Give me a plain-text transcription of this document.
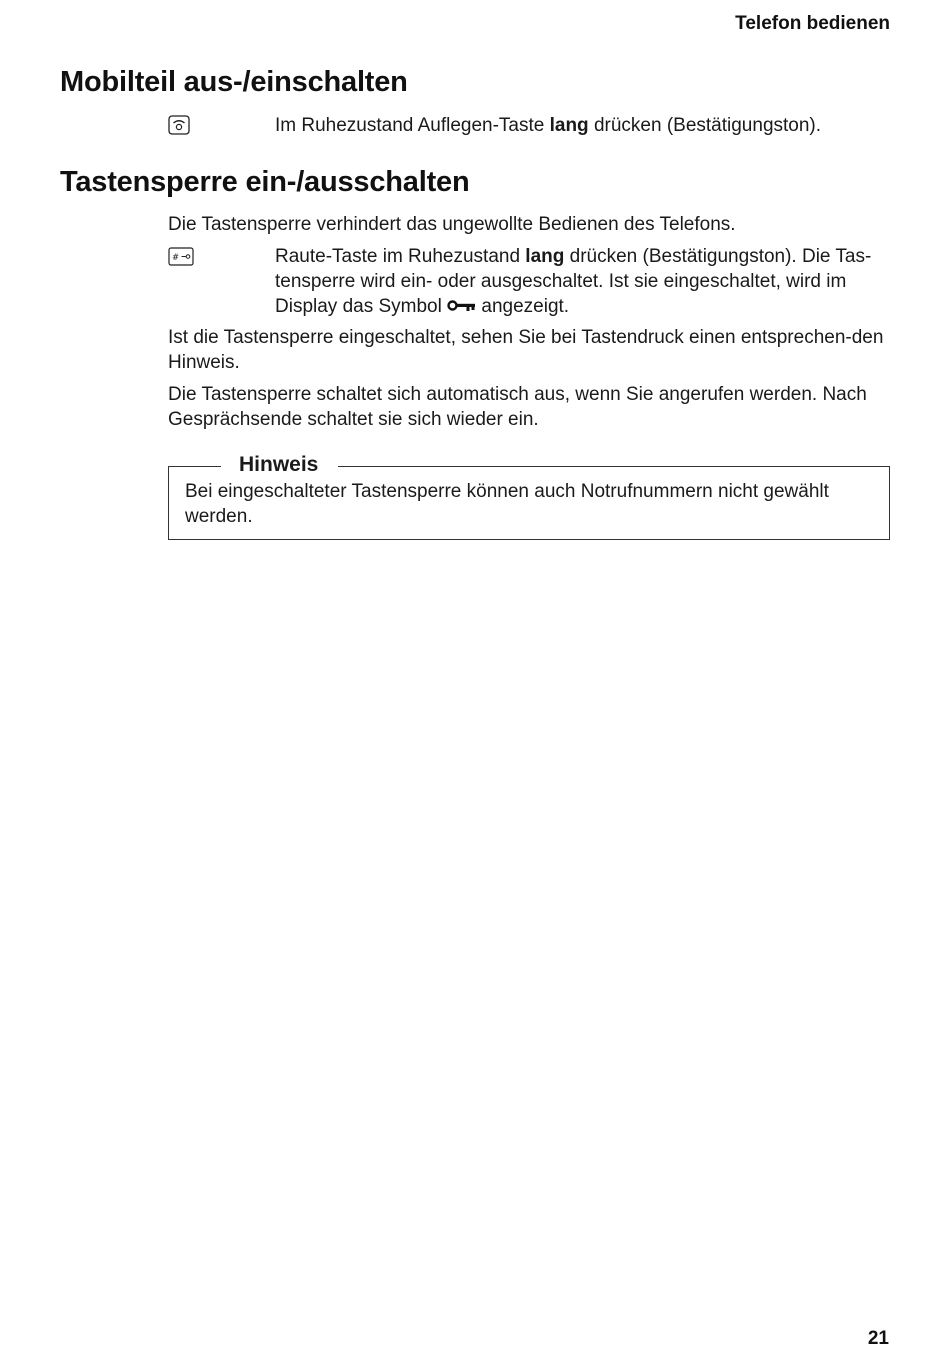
Telefon bedienen
Mobilteil aus-/einschalten
Im Ruhezustand Auflegen-Taste lang drücken (Bestätigungston).
Tastensperre ein-/ausschalten

Die Tastensperre verhindert das ungewollte Bedienen des Telefons.

#	Raute-Taste im Ruhezustand lang drücken (Bestätigungston). Die Tas-tensperre wird ein- oder ausgeschaltet. Ist sie eingeschaltet, wird im Display das Symbol  angezeigt.

Ist die Tastensperre eingeschaltet, sehen Sie bei Tastendruck einen entsprechen-den Hinweis.

Die Tastensperre schaltet sich automatisch aus, wenn Sie angerufen werden. Nach Gesprächsende schaltet sie sich wieder ein.

Hinweis

Bei eingeschalteter Tastensperre können auch Notrufnummern nicht gewählt werden.

21
